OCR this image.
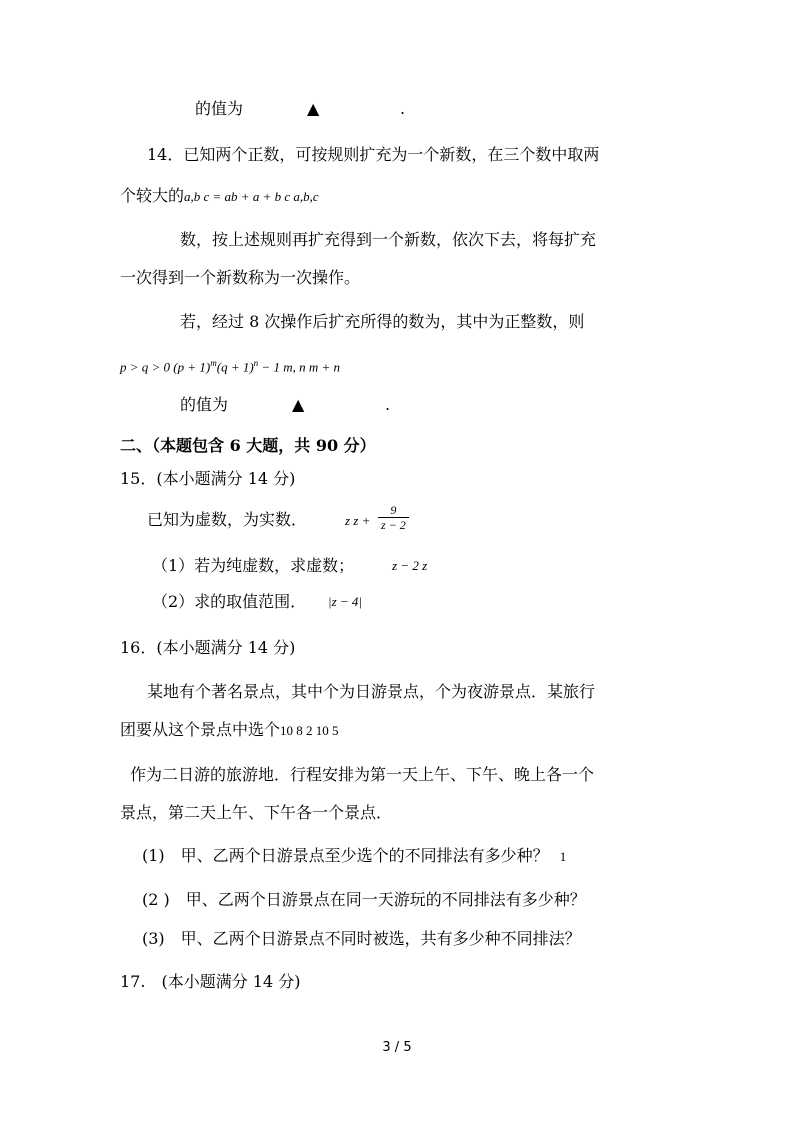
的值为	▲	.
14．已知两个正数，可按规则扩充为一个新数，在三个数中取两
个较大的a,b c = ab + a + b c a,b,c
数，按上述规则再扩充得到一个新数，依次下去，将每扩充
一次得到一个新数称为一次操作。
若，经过 8 次操作后扩充所得的数为，其中为正整数，则
p > q > 0 $(p + 1)^m(q + 1)^n - 1$ m, n m + n
的值为	▲	.
二、（本题包含 6 大题，共 90 分）
15．(本小题满分 14 分)
已知为虚数，为实数．	z $z + \frac{9}{z - 2}$
（1）若为纯虚数，求虚数；	z − 2 z
（2）求的取值范围． |z − 4|
16．(本小题满分 14 分)
某地有个著名景点，其中个为日游景点，个为夜游景点．某旅行
团要从这个景点中选个10 8 2 10 5
作为二日游的旅游地．行程安排为第一天上午、下午、晚上各一个
景点，第二天上午、下午各一个景点．
(1)　甲、乙两个日游景点至少选个的不同排法有多少种？ 1
(2 )　甲、乙两个日游景点在同一天游玩的不同排法有多少种？
(3)　甲、乙两个日游景点不同时被选，共有多少种不同排法？
17.　(本小题满分 14 分)
3 / 5
